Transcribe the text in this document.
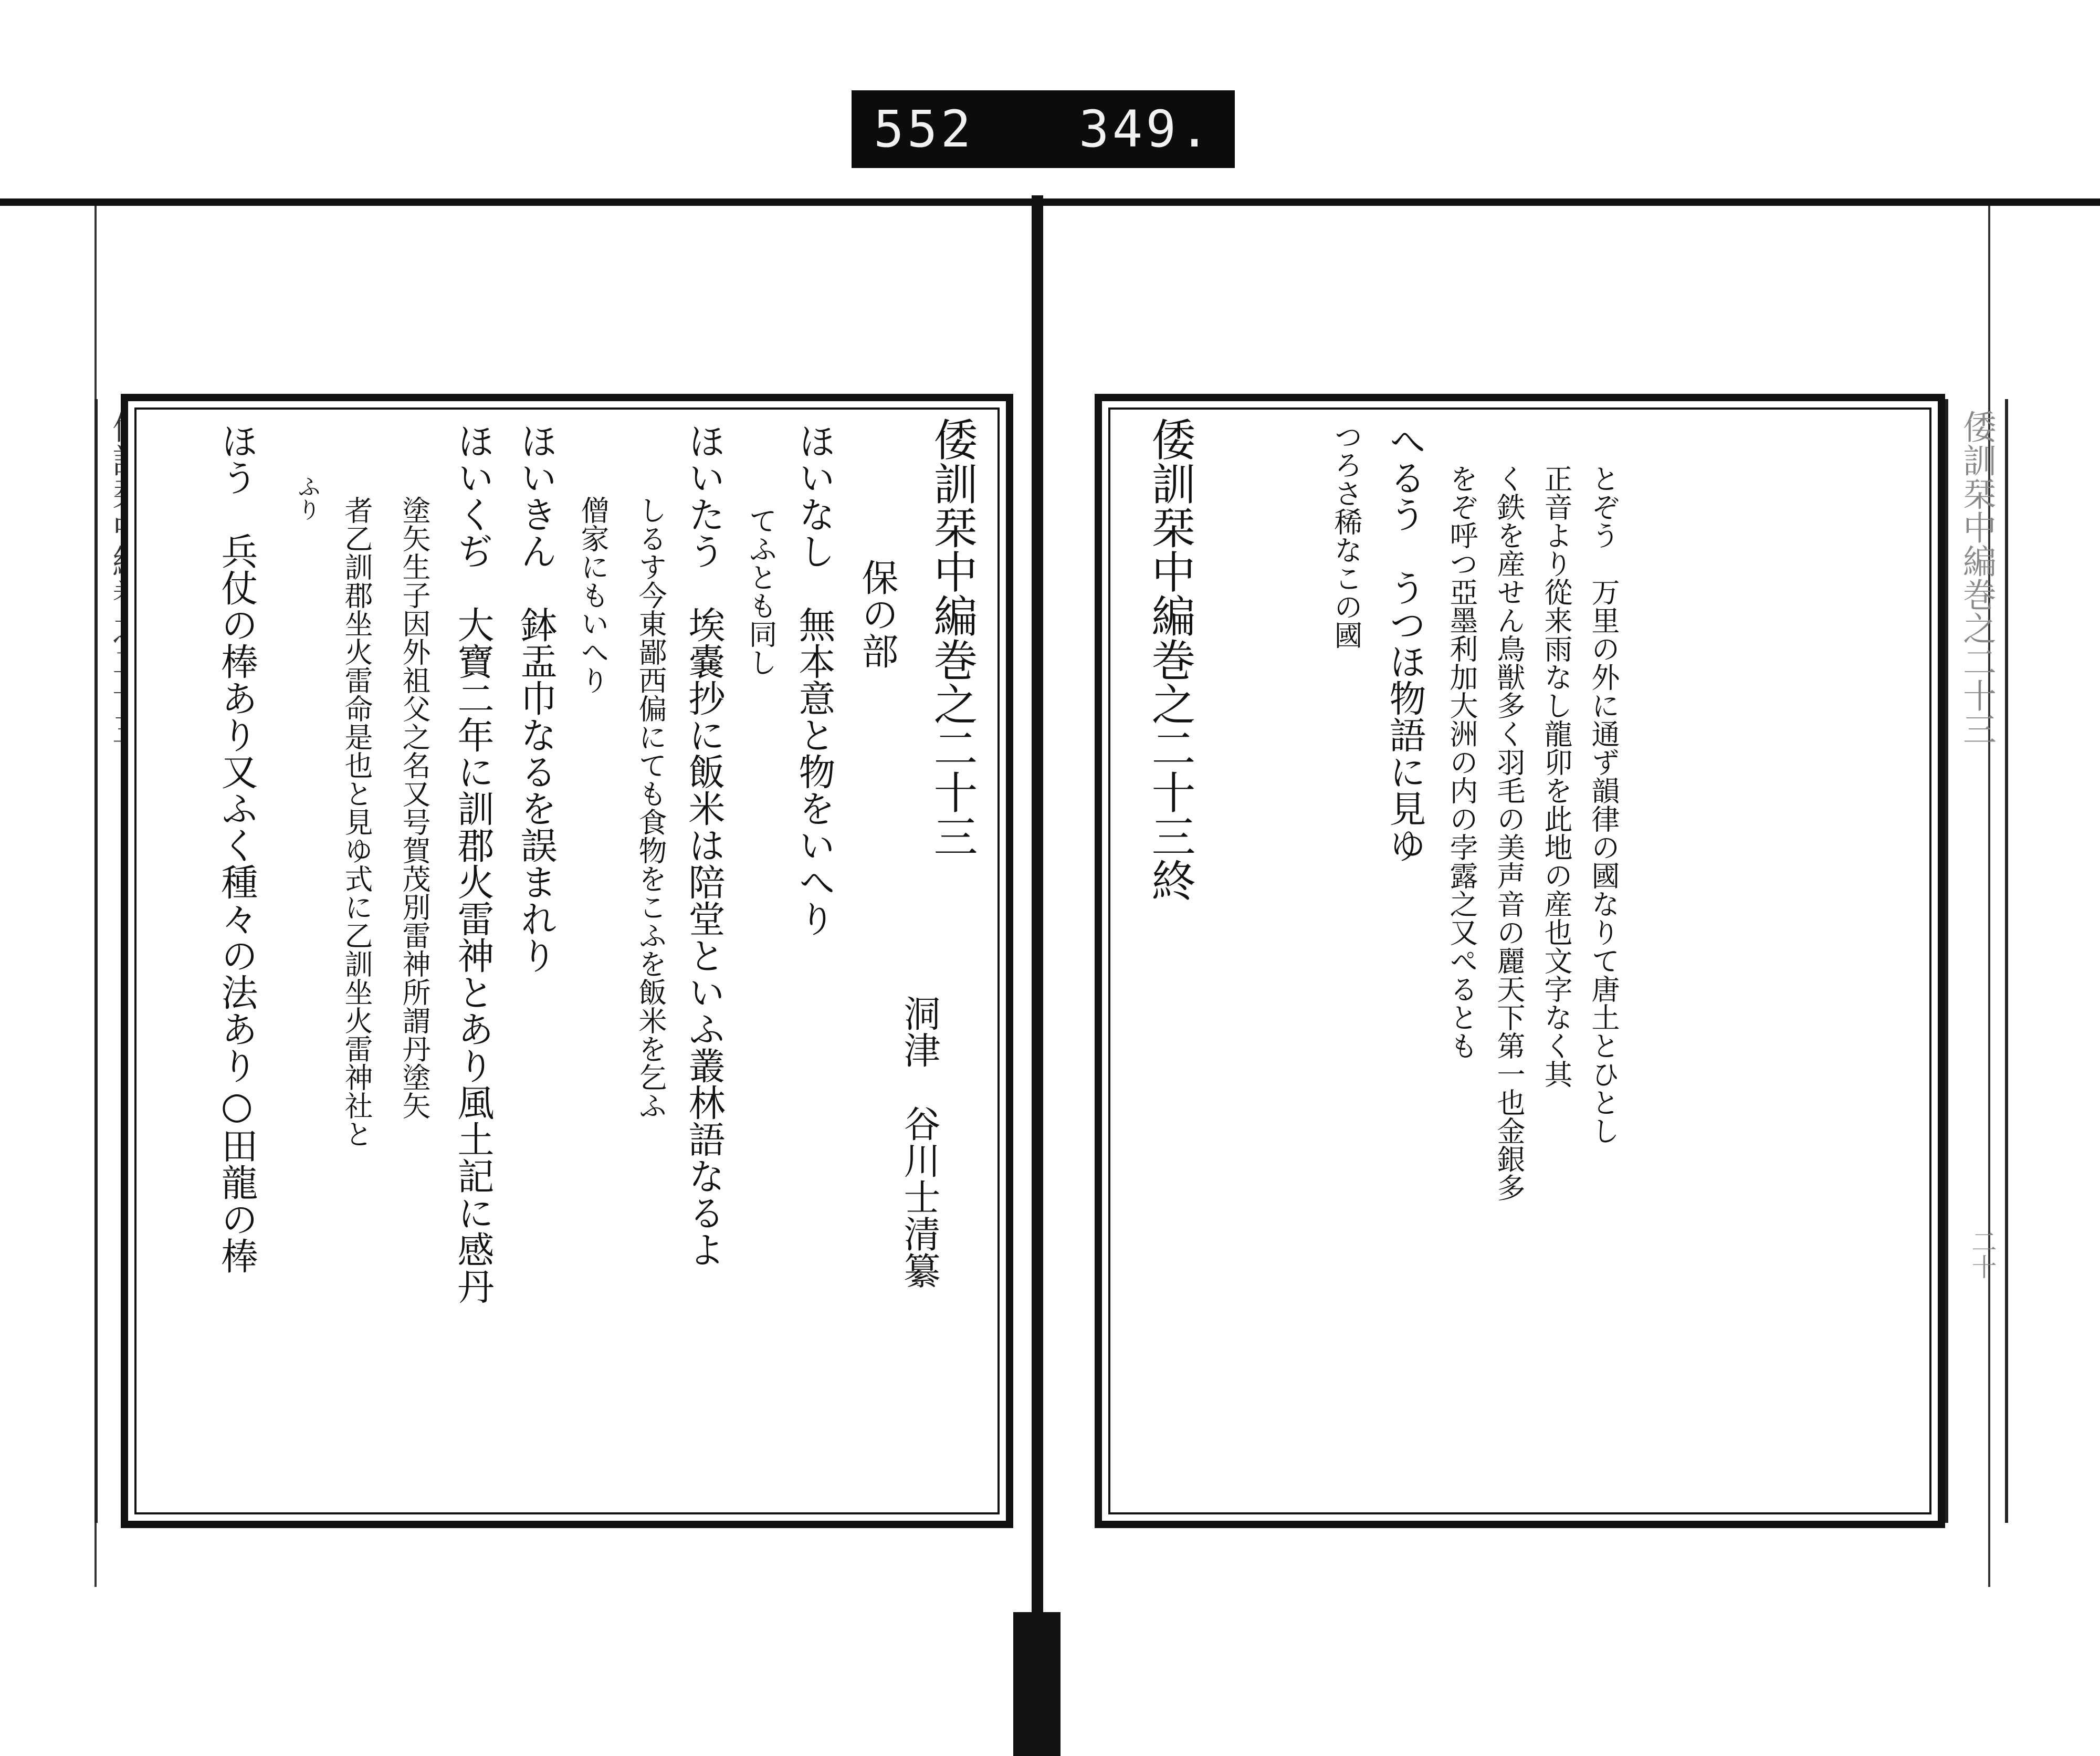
552 349.
倭訓栞中編巻之二十三
二十
倭訓栞中編巻之二十三
保の部
洞津　谷川士清纂
ほいなし　無本意と物をいへり
てふとも同し
ほいたう　埃嚢抄に飯米は陪堂といふ叢林語なるよ
しるす今東鄙西偏にても食物をこふを飯米を乞ふ
僧家にもいへり
ほいきん　鉢盂巾なるを誤まれり
ほいくぢ　大寶二年に訓郡火雷神とあり風土記に感丹
塗矢生子因外祖父之名又号賀茂別雷神所謂丹塗矢
者乙訓郡坐火雷命是也と見ゆ式に乙訓坐火雷神社と
ふり
ほう　兵仗の棒あり又ふく種々の法あり○田龍の棒	倭訓栞中編巻之二十三終	つろさ稀なこの國 へるう　うつほ物語に見ゆ をぞ呼つ亞墨利加大洲の内の孛露之又ぺるとも く鉄を産せん鳥獣多く羽毛の美声音の麗天下第一也金銀多 正音より從来雨なし龍卯を此地の産也文字なく其 とぞう　万里の外に通ず韻律の國なりて唐土とひとし
